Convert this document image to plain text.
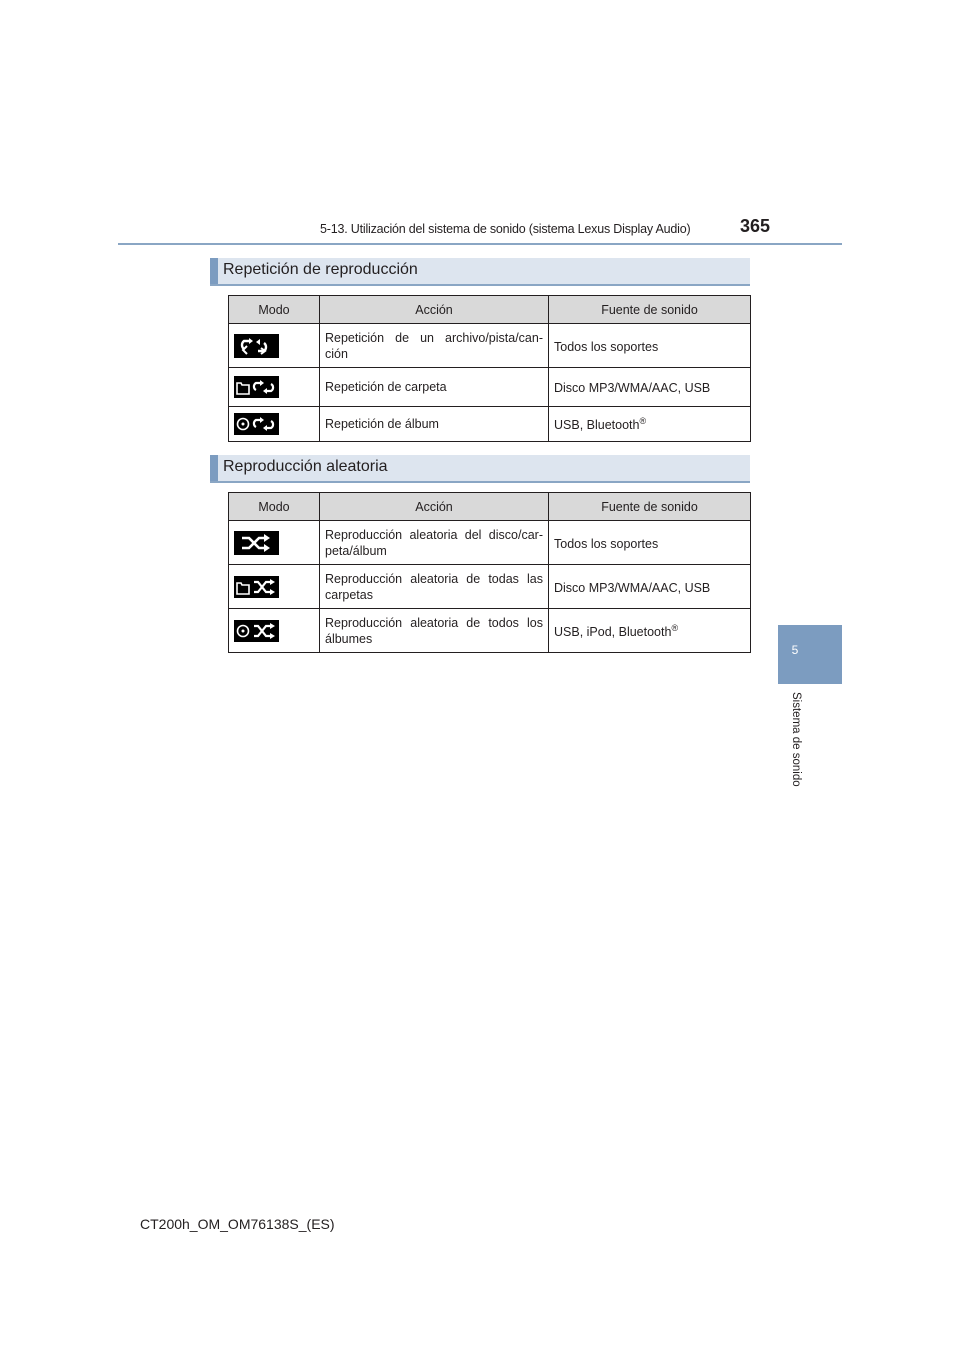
5-13. Utilización del sistema de sonido (sistema Lexus Display Audio)	365
5
Sistema de sonido
Repetición de reproducción
Modo	Acción	Fuente de sonido

	Repetición de un archivo/pista/can-ción	Todos los soportes

	Repetición de carpeta	Disco MP3/WMA/AAC, USB

	Repetición de álbum	USB, Bluetooth®
Reproducción aleatoria
Modo	Acción	Fuente de sonido

	Reproducción aleatoria del disco/car-peta/álbum	Todos los soportes

	Reproducción aleatoria de todas las carpetas	Disco MP3/WMA/AAC, USB

	Reproducción aleatoria de todos los álbumes	USB, iPod, Bluetooth®
CT200h_OM_OM76138S_(ES)
